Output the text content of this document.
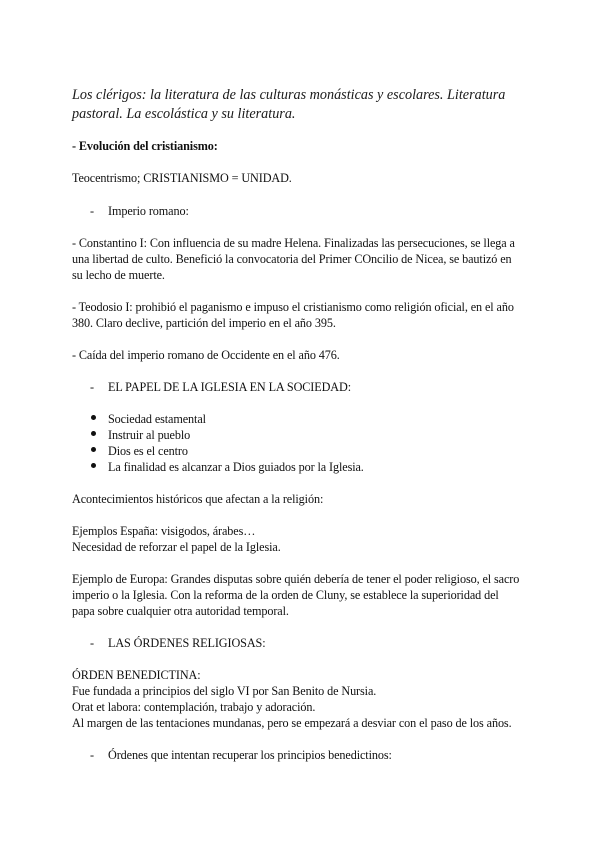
Los clérigos: la literatura de las culturas monásticas y escolares. Literatura pastoral. La escolástica y su literatura.
- Evolución del cristianismo:
Teocentrismo; CRISTIANISMO = UNIDAD.
- Imperio romano:
- Constantino I: Con influencia de su madre Helena. Finalizadas las persecuciones, se llega a
una libertad de culto. Benefició la convocatoria del Primer COncilio de Nicea, se bautizó en
su lecho de muerte.
- Teodosio I: prohibió el paganismo e impuso el cristianismo como religión oficial, en el año
380. Claro declive, partición del imperio en el año 395.
- Caída del imperio romano de Occidente en el año 476.
- EL PAPEL DE LA IGLESIA EN LA SOCIEDAD:
Sociedad estamental
Instruir al pueblo
Dios es el centro
La finalidad es alcanzar a Dios guiados por la Iglesia.
Acontecimientos históricos que afectan a la religión:
Ejemplos España: visigodos, árabes…
Necesidad de reforzar el papel de la Iglesia.
Ejemplo de Europa: Grandes disputas sobre quién debería de tener el poder religioso, el sacro
imperio o la Iglesia. Con la reforma de la orden de Cluny, se establece la superioridad del
papa sobre cualquier otra autoridad temporal.
- LAS ÓRDENES RELIGIOSAS:
ÓRDEN BENEDICTINA:
Fue fundada a principios del siglo VI por San Benito de Nursia.
Orat et labora: contemplación, trabajo y adoración.
Al margen de las tentaciones mundanas, pero se empezará a desviar con el paso de los años.
- Órdenes que intentan recuperar los principios benedictinos:
